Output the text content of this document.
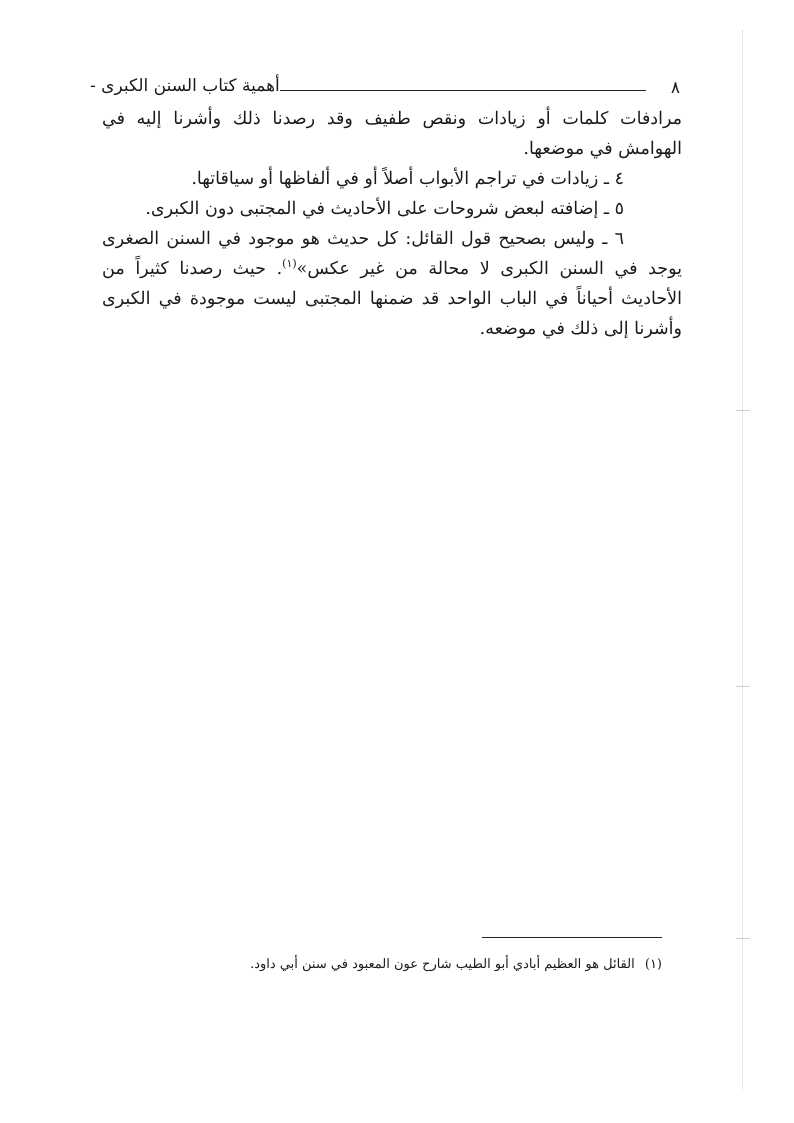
٨
أهمية كتاب السنن الكبرى -

مرادفات كلمات أو زيادات ونقص طفيف وقد رصدنا ذلك وأشرنا إليه في الهوامش في موضعها.

٤ ـ زيادات في تراجم الأبواب أصلاً أو في ألفاظها أو سياقاتها.

٥ ـ إضافته لبعض شروحات على الأحاديث في المجتبى دون الكبرى.

٦ ـ وليس بصحيح قول القائل: كل حديث هو موجود في السنن الصغرى يوجد في السنن الكبرى لا محالة من غير عكس»$^{(١)}$. حيث رصدنا كثيراً من الأحاديث أحياناً في الباب الواحد قد ضمنها المجتبى ليست موجودة في الكبرى وأشرنا إلى ذلك في موضعه.

(١) القائل هو العظيم أبادي أبو الطيب شارح عون المعبود في سنن أبي داود.
